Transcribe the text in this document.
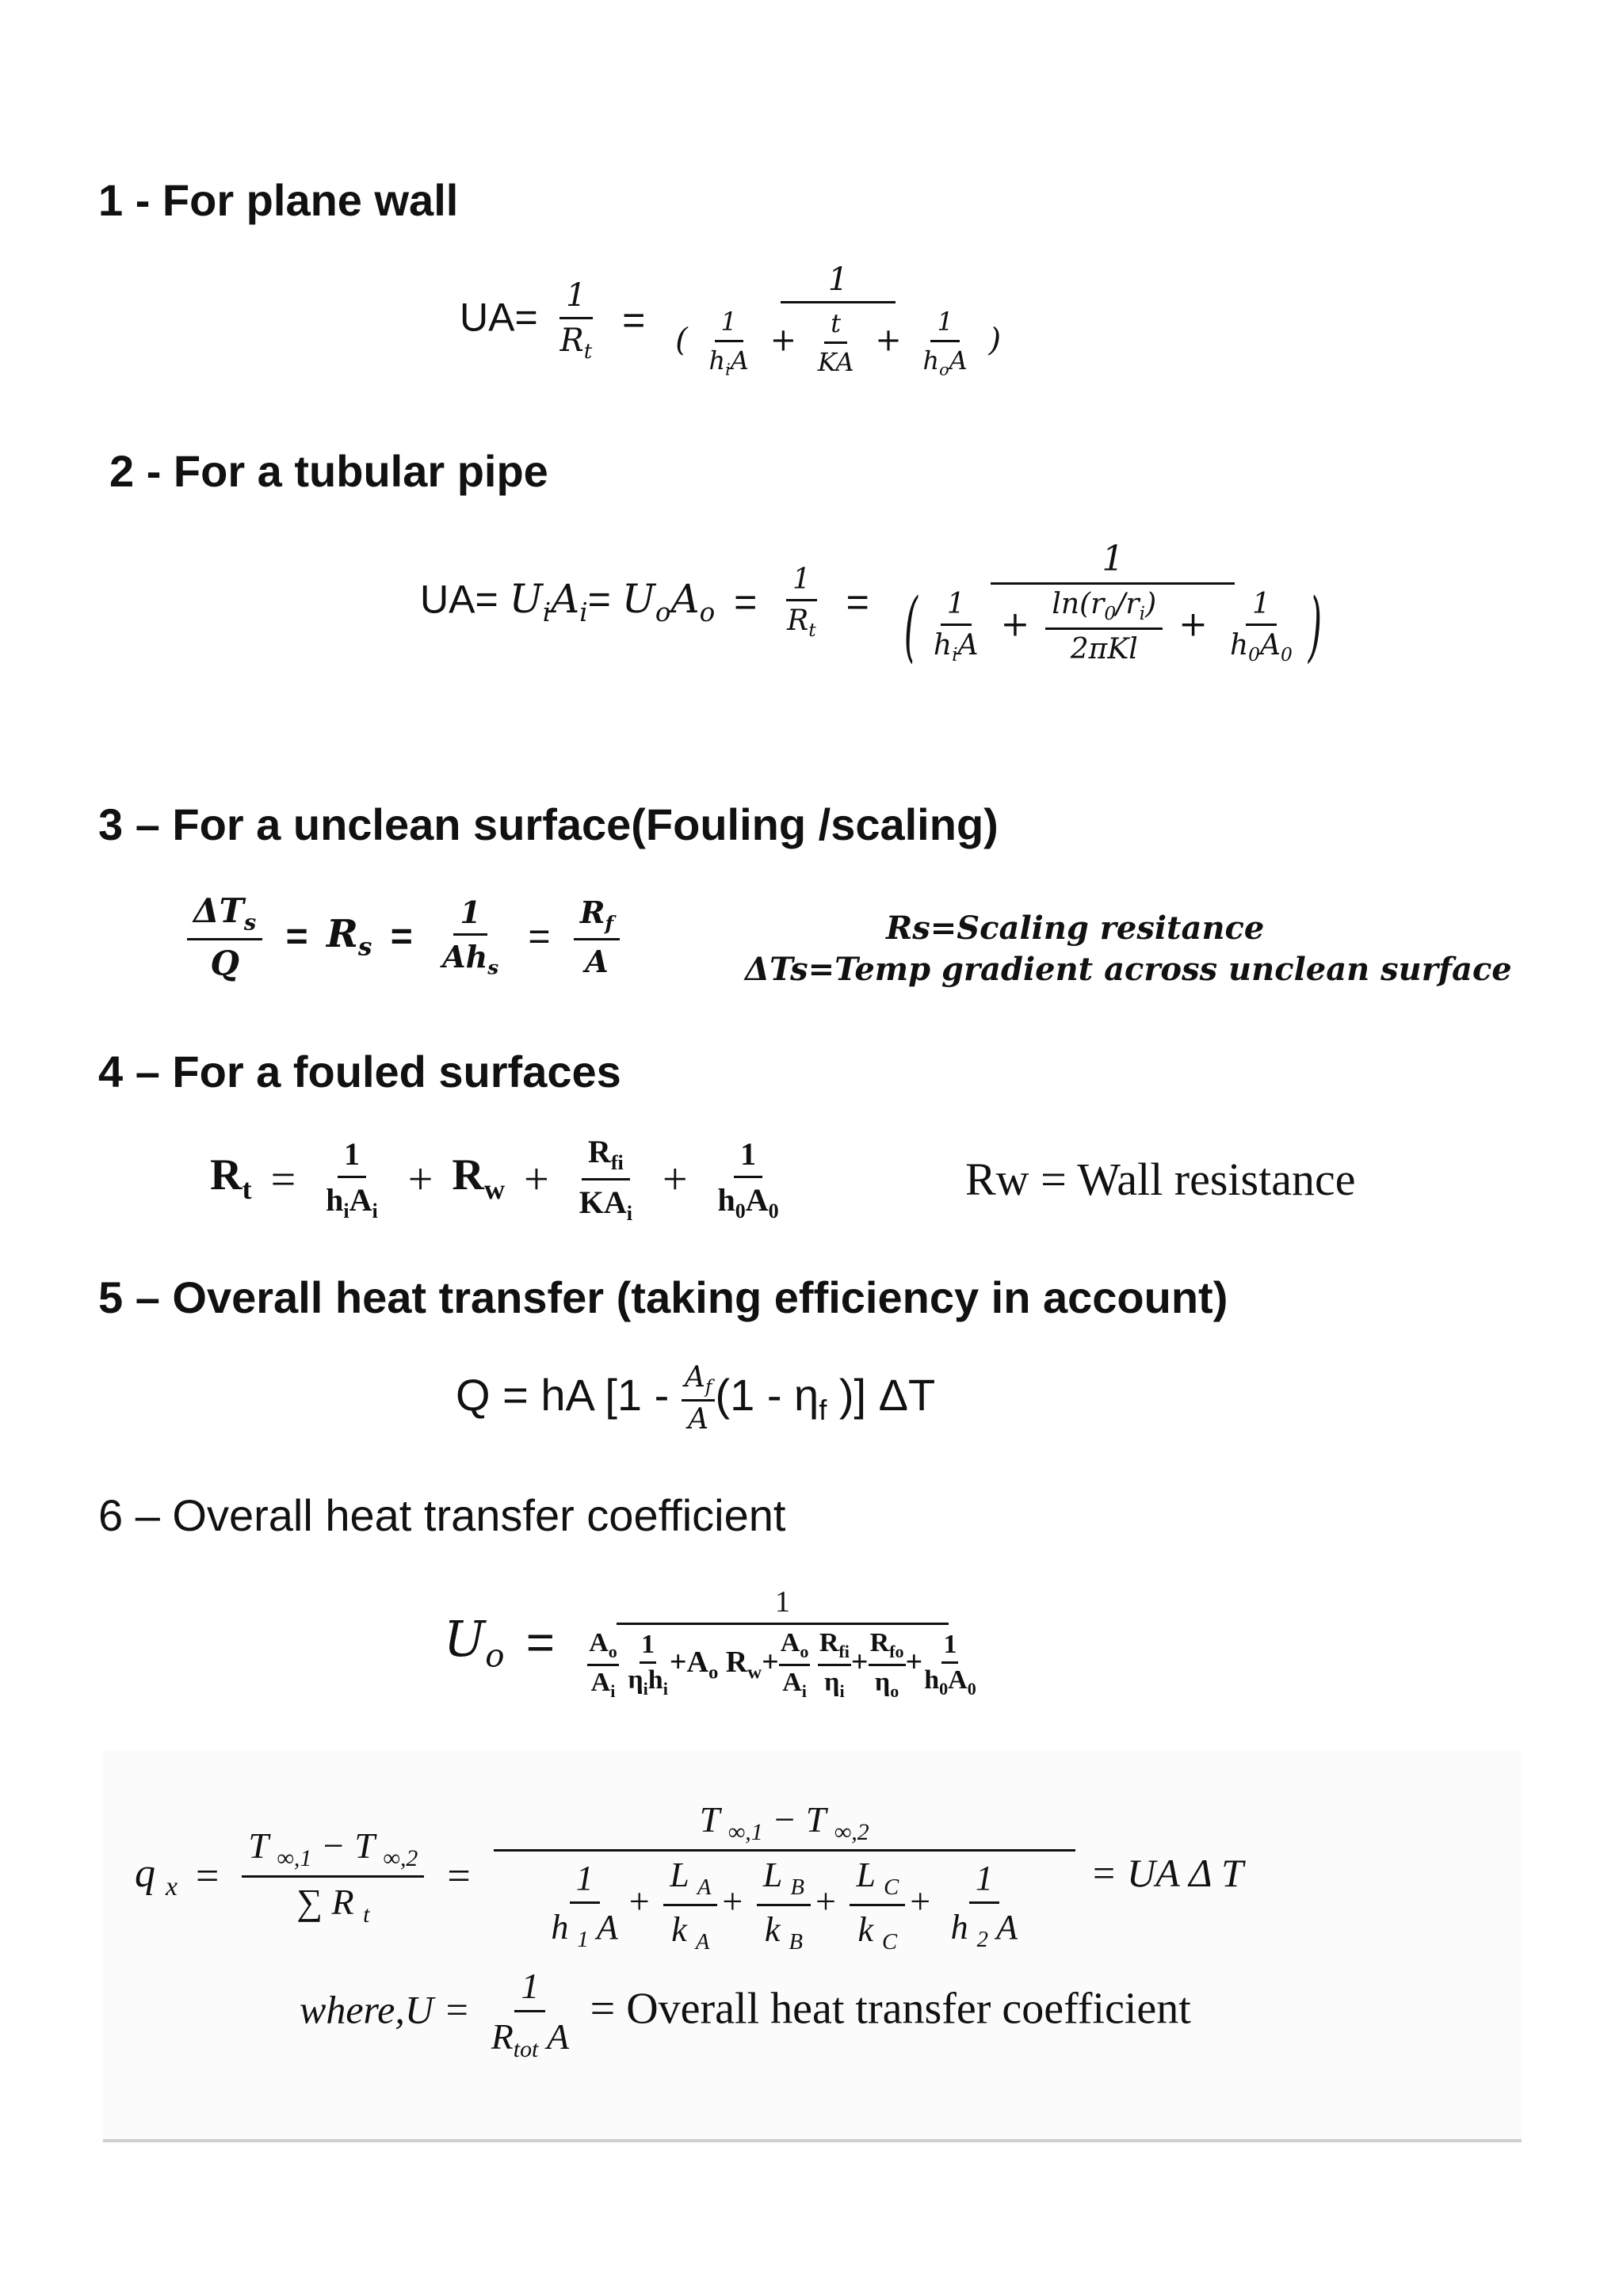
1 - For plane wall
$UA= \frac{1}{R_t} = \frac{1}{( \frac{1}{h_iA} + \frac{t}{KA} + \frac{1}{h_oA} )}$
2 - For a tubular pipe
$UA= U_iA_i= U_oA_o = \frac{1}{R_t} = \frac{1}{( \frac{1}{h_iA} + \frac{\ln(r_0/r_i)}{\text{2πKl}} + \frac{1}{h_0A_0} )}$
3 – For a unclean surface(Fouling /scaling)
$\frac{\Delta T_s}{Q} = R_s = \frac{1}{Ah_s} = \frac{R_f}{A}$	Rs=Scaling resitance
ΔTs=Temp gradient across unclean surface
4 – For a fouled surfaces
$R_t = \frac{1}{h_iA_i} + R_w + \frac{R_{fi}}{KA_i} + \frac{1}{h_0A_0}$	Rw = Wall resistance
5 – Overall heat transfer (taking efficiency in account)
Q = hA [$1 - \frac{A_f}{A} (1 - \eta_f$ )] ΔT
6 – Overall heat transfer coefficient
$U_o = 1$
$\frac{A_o}{A_i}$
$\frac{1}{\eta_ih_i} +A_o$ $R_w+ \frac{A_o}{A_i}$
$\frac{R_{fi}}{\eta_i} + \frac{R_{fo}}{\eta_o} + \frac{1}{h_0A_0}$
q $_x = \frac{T _{\infty,1} - T _{\infty,2}}{\sum R _t}$ =
T $_{\infty,1}$ − T $_{\infty,2}$
$\frac{1}{h _1 A} + \frac{L _A}{k _A} + \frac{L _B}{k _B} + \frac{L _C}{k _C} + \frac{1}{h _2 A}$ = UA Δ T
where,U = $\frac{1}{R_{tot} A}$ = Overall heat transfer coefficient
